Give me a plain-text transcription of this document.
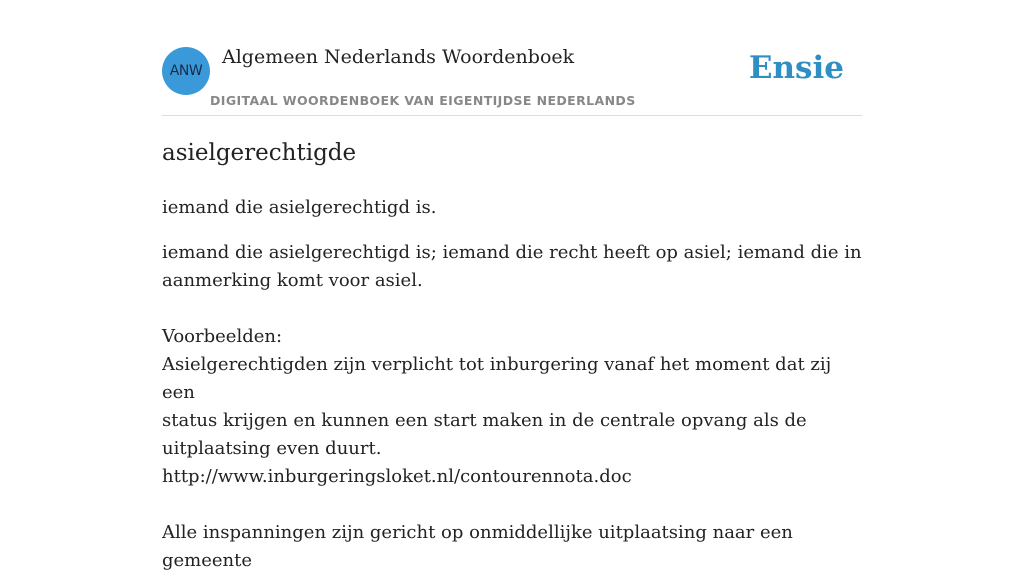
ANW
Algemeen Nederlands Woordenboek
DIGITAAL WOORDENBOEK VAN EIGENTIJDSE NEDERLANDS
Ensie
asielgerechtigde

iemand die asielgerechtigd is.

iemand die asielgerechtigd is; iemand die recht heeft op asiel; iemand die in

aanmerking komt voor asiel.

Voorbeelden:

Asielgerechtigden zijn verplicht tot inburgering vanaf het moment dat zij een

status krijgen en kunnen een start maken in de centrale opvang als de

uitplaatsing even duurt.

http://www.inburgeringsloket.nl/contourennota.doc

Alle inspanningen zijn gericht op onmiddellijke uitplaatsing naar een gemeente
